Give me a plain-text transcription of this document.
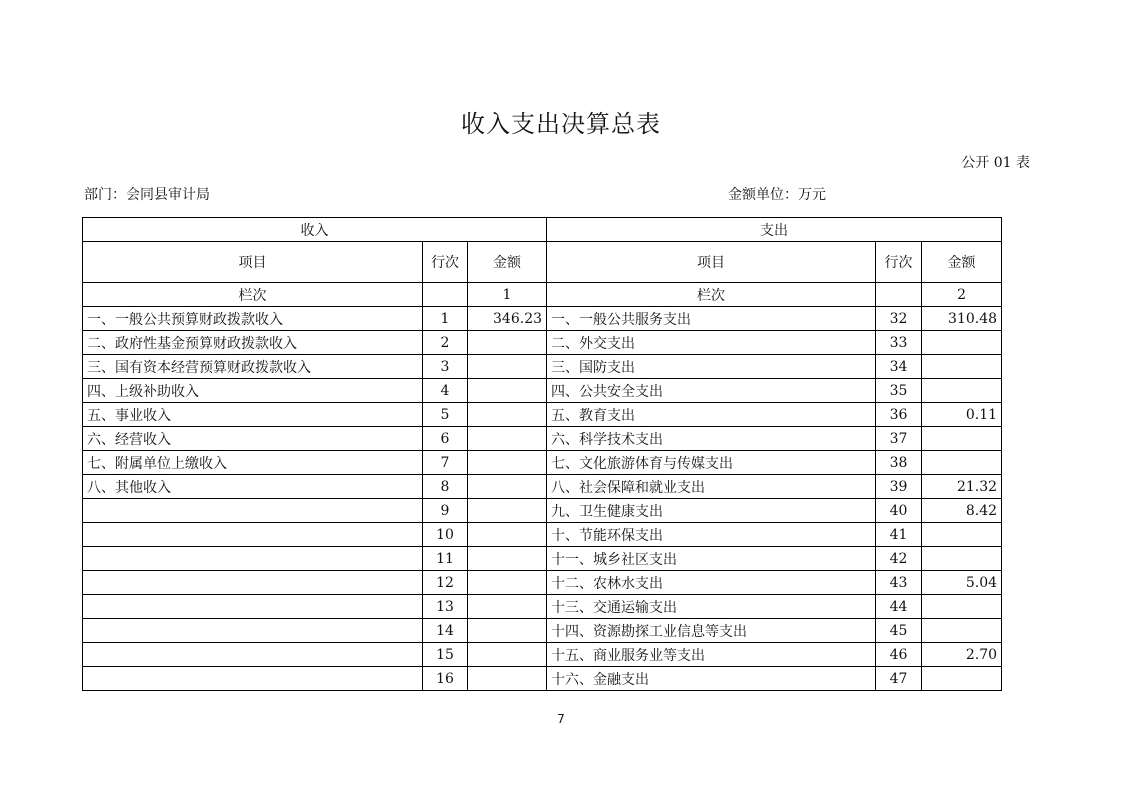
收入支出决算总表
公开 01 表
部门：会同县审计局	金额单位：万元
收入			支出		
项目	行次	金额	项目	行次	金额
栏次		1	栏次		2
一、一般公共预算财政拨款收入	1	346.23	一、一般公共服务支出	32	310.48
二、政府性基金预算财政拨款收入	2		二、外交支出	33	
三、国有资本经营预算财政拨款收入	3		三、国防支出	34	
四、上级补助收入	4		四、公共安全支出	35	
五、事业收入	5		五、教育支出	36	0.11
六、经营收入	6		六、科学技术支出	37	
七、附属单位上缴收入	7		七、文化旅游体育与传媒支出	38	
八、其他收入	8		八、社会保障和就业支出	39	21.32
	9		九、卫生健康支出	40	8.42
	10		十、节能环保支出	41	
	11		十一、城乡社区支出	42	
	12		十二、农林水支出	43	5.04
	13		十三、交通运输支出	44	
	14		十四、资源勘探工业信息等支出	45	
	15		十五、商业服务业等支出	46	2.70
	16		十六、金融支出	47	
7
